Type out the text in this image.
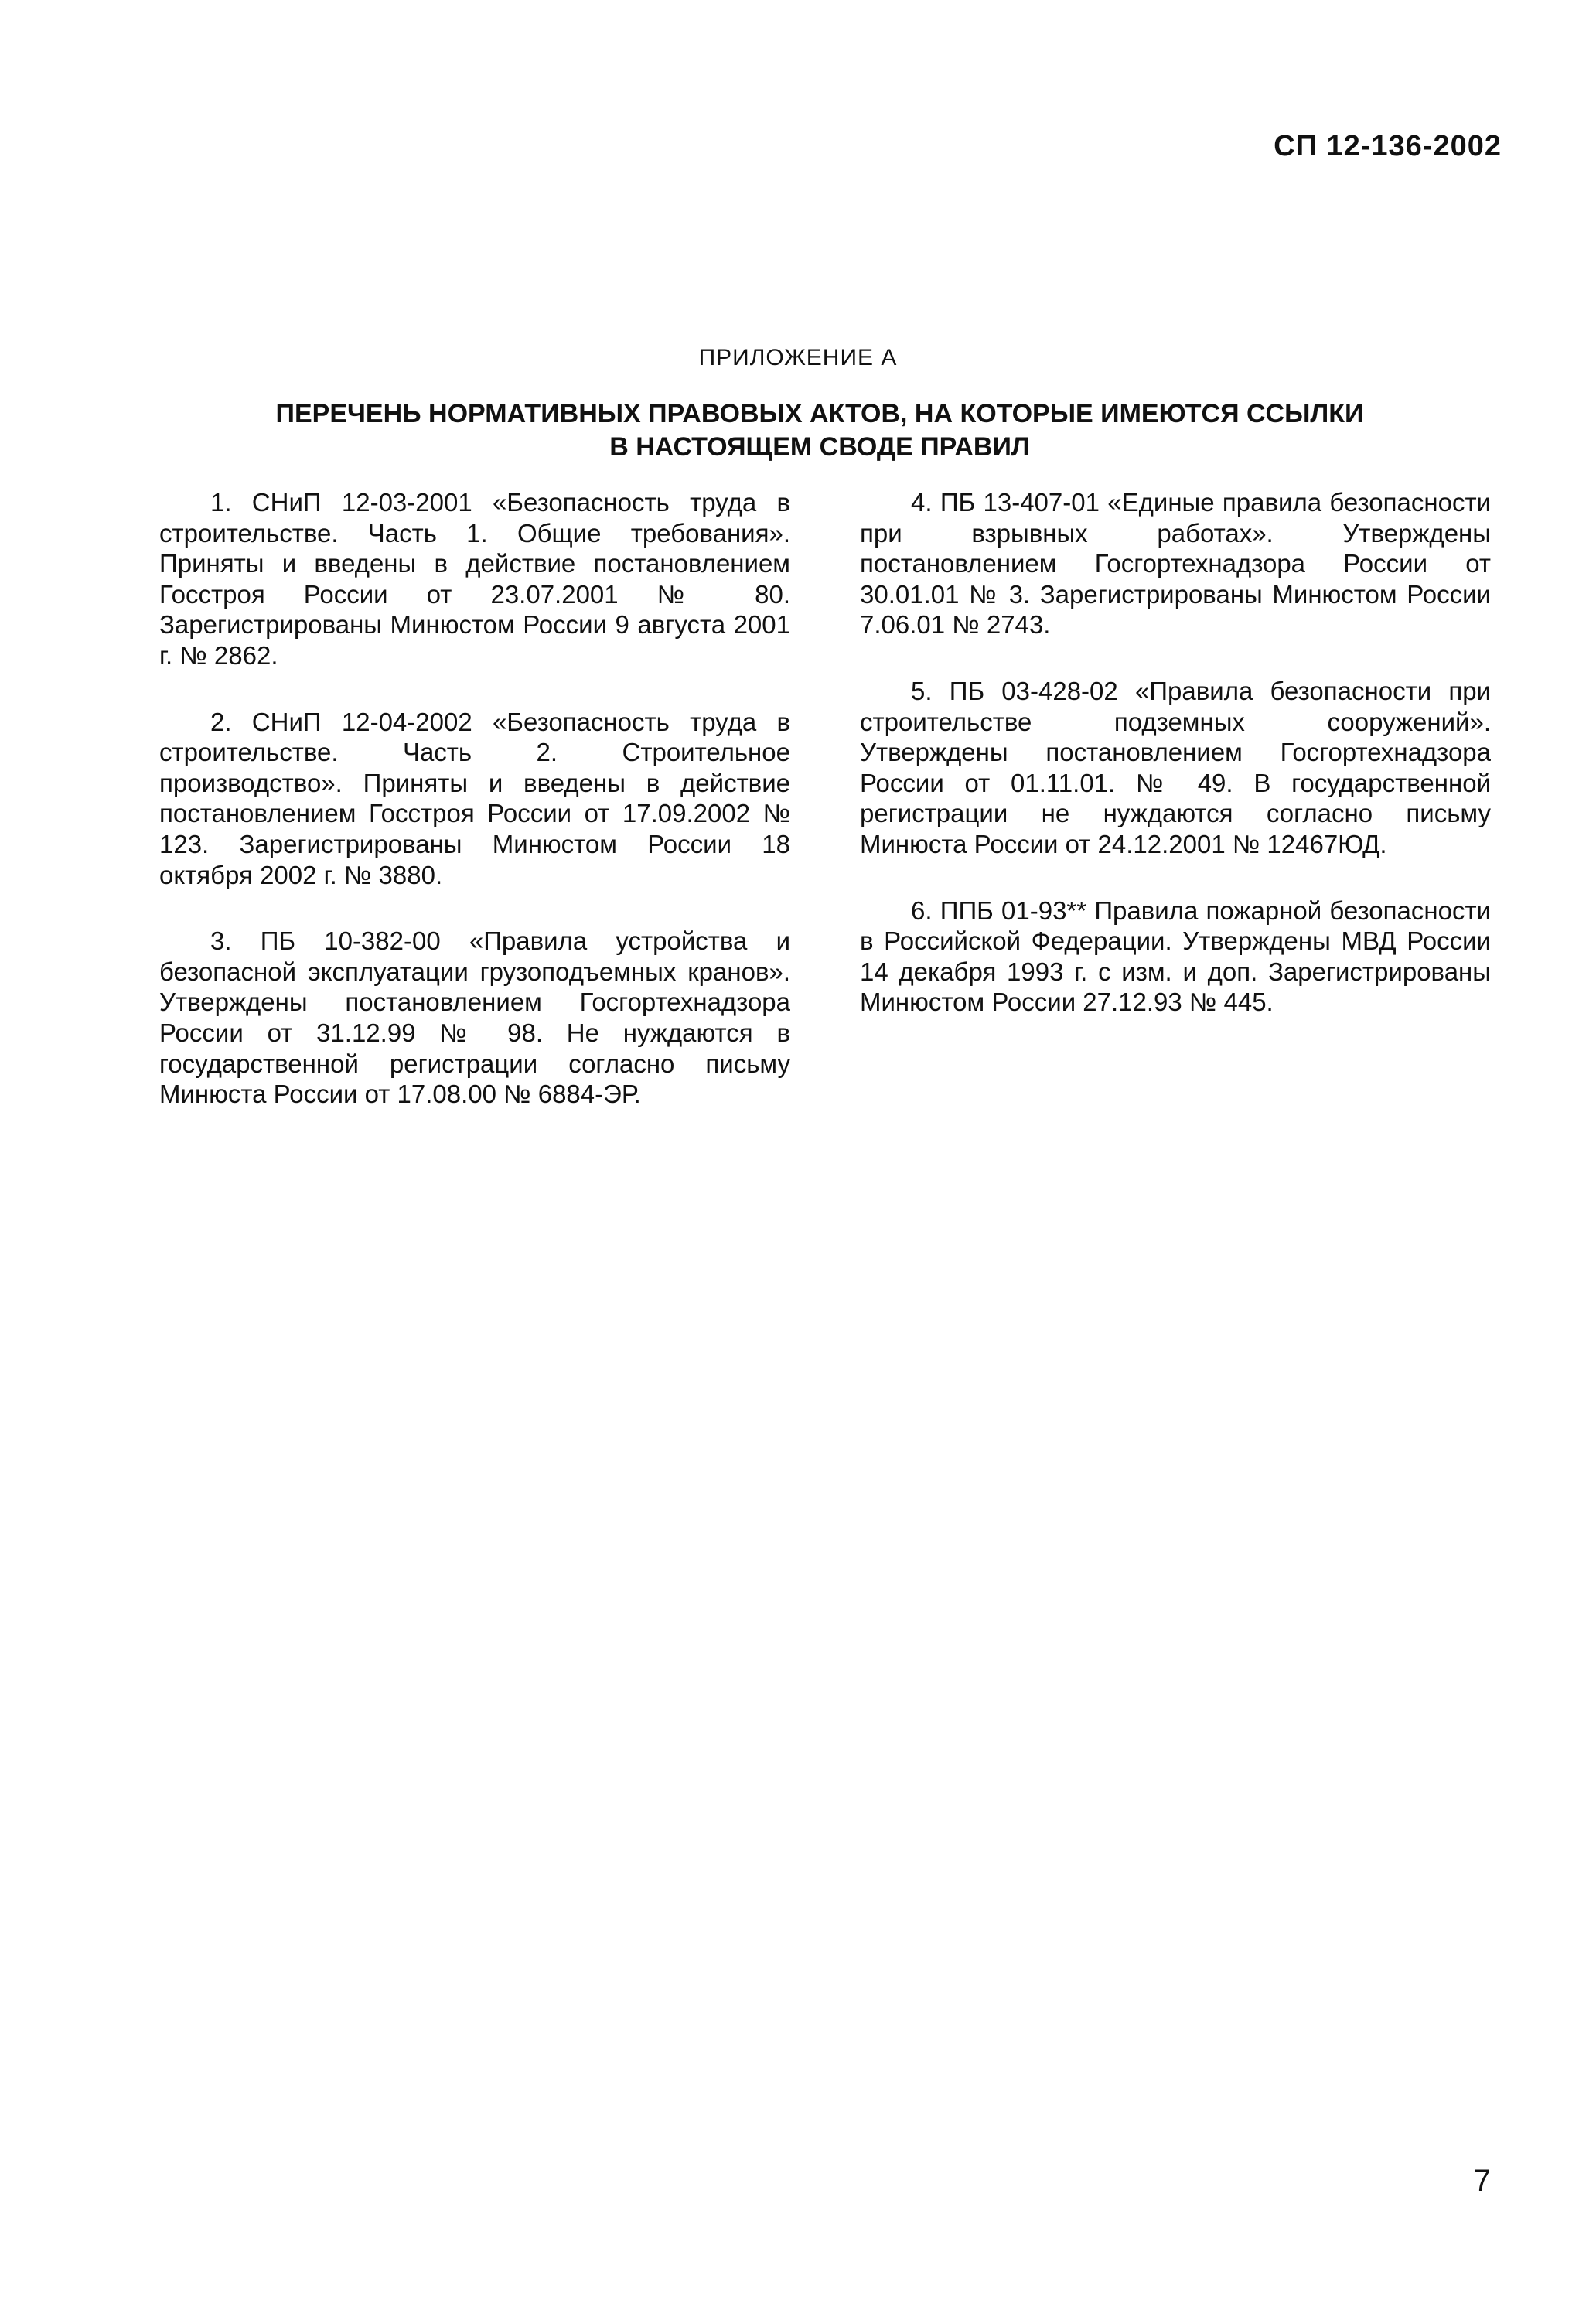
СП 12-136-2002
ПРИЛОЖЕНИЕ А
ПЕРЕЧЕНЬ НОРМАТИВНЫХ ПРАВОВЫХ АКТОВ, НА КОТОРЫЕ ИМЕЮТСЯ ССЫЛКИ
В НАСТОЯЩЕМ СВОДЕ ПРАВИЛ

1. СНиП 12-03-2001 «Безопасность труда в строительстве. Часть 1. Общие требования». Приняты и введены в действие постановлением Госстроя России от 23.07.2001 № 80. Зарегистрированы Минюстом России 9 августа 2001 г. № 2862.

2. СНиП 12-04-2002 «Безопасность труда в строительстве. Часть 2. Строительное производство». Приняты и введены в действие постановлением Госстроя России от 17.09.2002 № 123. Зарегистрированы Минюстом России 18 октября 2002 г. № 3880.

3. ПБ 10-382-00 «Правила устройства и безопасной эксплуатации грузоподъемных кранов». Утверждены постановлением Госгортехнадзора России от 31.12.99 № 98. Не нуждаются в государственной регистрации согласно письму Минюста России от 17.08.00 № 6884-ЭР.

4. ПБ 13-407-01 «Единые правила безопасности при взрывных работах». Утверждены постановлением Госгортехнадзора России от 30.01.01 № 3. Зарегистрированы Минюстом России 7.06.01 № 2743.

5. ПБ 03-428-02 «Правила безопасности при строительстве подземных сооружений». Утверждены постановлением Госгортехнадзора России от 01.11.01. № 49. В государственной регистрации не нуждаются согласно письму Минюста России от 24.12.2001 № 12467ЮД.

6. ППБ 01-93** Правила пожарной безопасности в Российской Федерации. Утверждены МВД России 14 декабря 1993 г. с изм. и доп. Зарегистрированы Минюстом России 27.12.93 № 445.

7
